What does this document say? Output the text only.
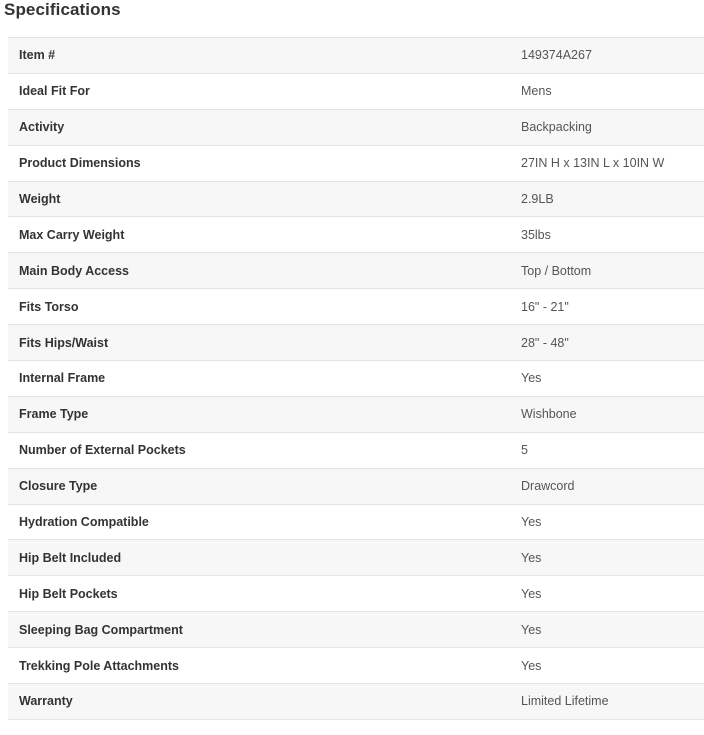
Specifications
Item #	149374A267
Ideal Fit For	Mens
Activity	Backpacking
Product Dimensions	27IN H x 13IN L x 10IN W
Weight	2.9LB
Max Carry Weight	35lbs
Main Body Access	Top / Bottom
Fits Torso	16" - 21"
Fits Hips/Waist	28" - 48"
Internal Frame	Yes
Frame Type	Wishbone
Number of External Pockets	5
Closure Type	Drawcord
Hydration Compatible	Yes
Hip Belt Included	Yes
Hip Belt Pockets	Yes
Sleeping Bag Compartment	Yes
Trekking Pole Attachments	Yes
Warranty	Limited Lifetime
